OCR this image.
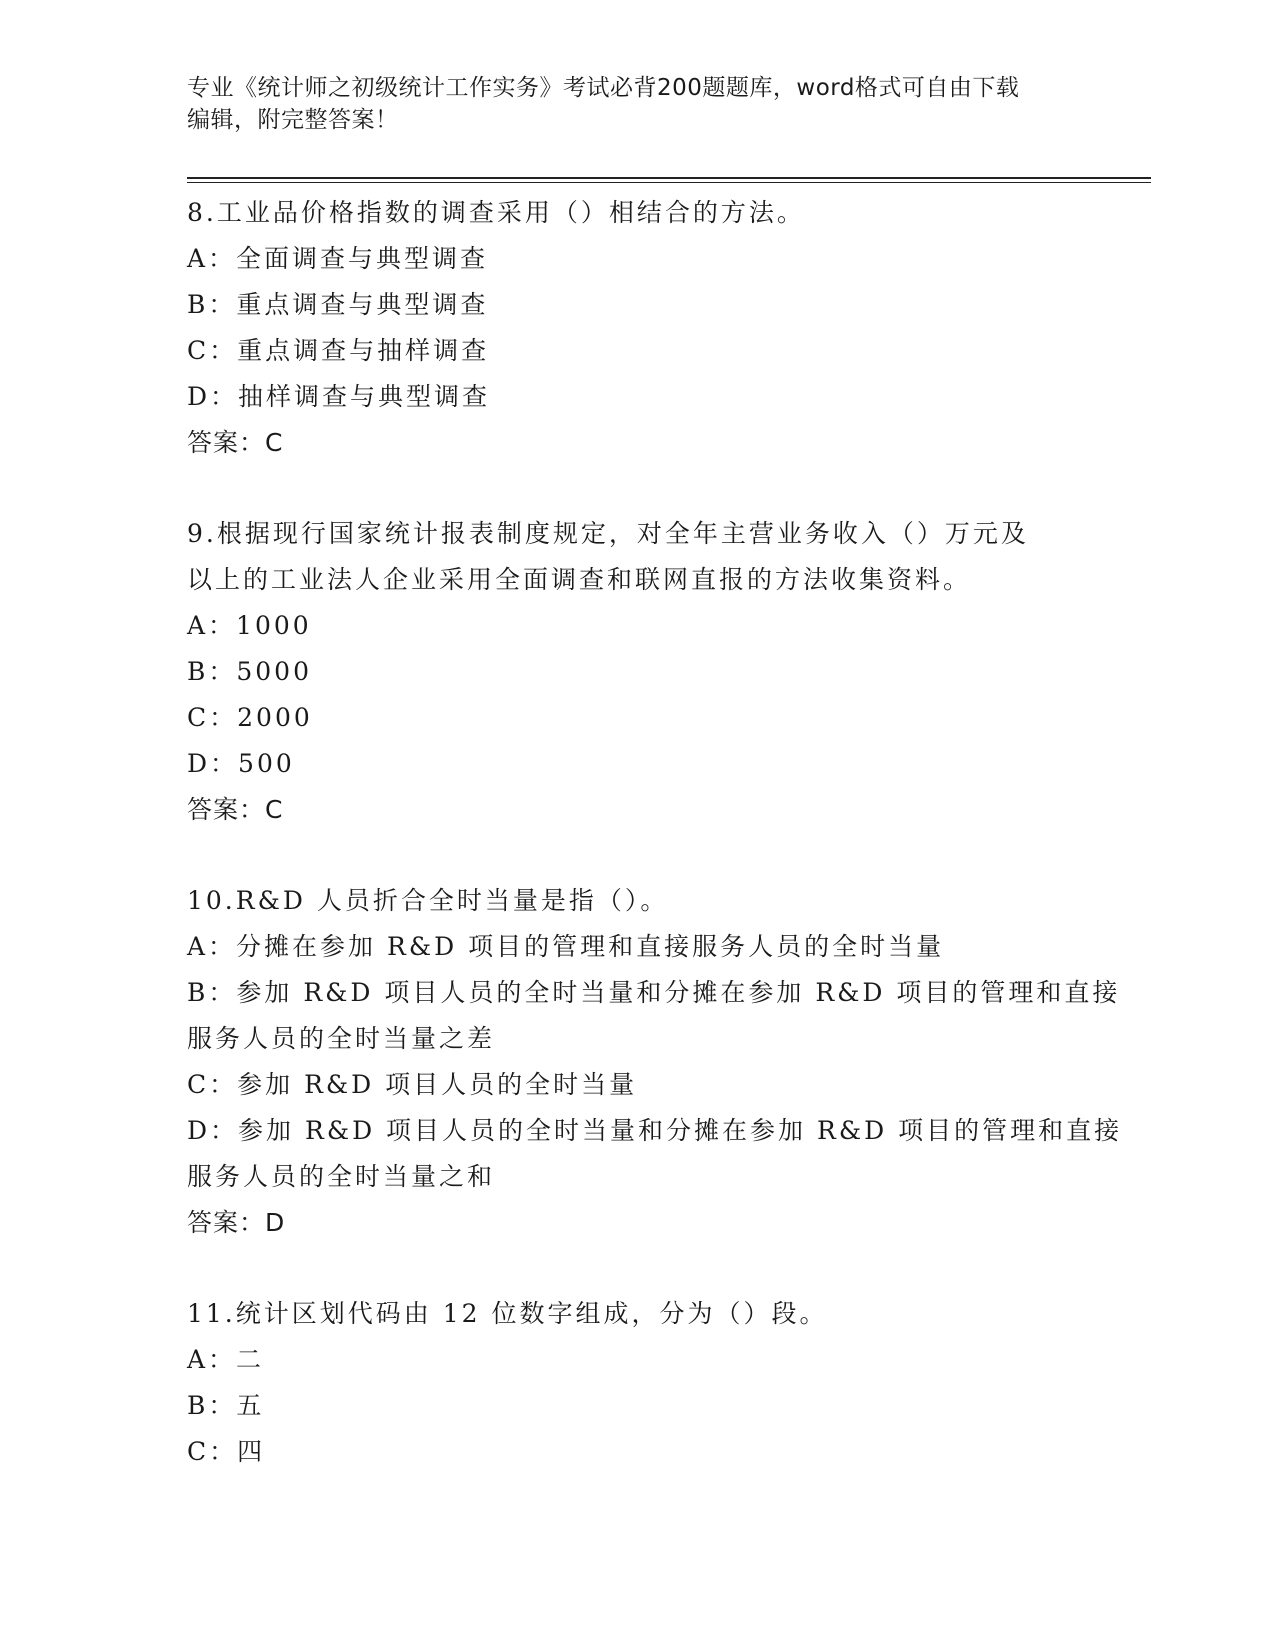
专业《统计师之初级统计工作实务》考试必背200题题库，word格式可自由下载
编辑，附完整答案！
8.工业品价格指数的调查采用（）相结合的方法。
A：全面调查与典型调查
B：重点调查与典型调查
C：重点调查与抽样调查
D：抽样调查与典型调查
答案：C
9.根据现行国家统计报表制度规定，对全年主营业务收入（）万元及
以上的工业法人企业采用全面调查和联网直报的方法收集资料。
A：1000
B：5000
C：2000
D：500
答案：C
10.R&D 人员折合全时当量是指（）。
A：分摊在参加 R&D 项目的管理和直接服务人员的全时当量
B：参加 R&D 项目人员的全时当量和分摊在参加 R&D 项目的管理和直接
服务人员的全时当量之差
C：参加 R&D 项目人员的全时当量
D：参加 R&D 项目人员的全时当量和分摊在参加 R&D 项目的管理和直接
服务人员的全时当量之和
答案：D
11.统计区划代码由 12 位数字组成，分为（）段。
A：二
B：五
C：四
